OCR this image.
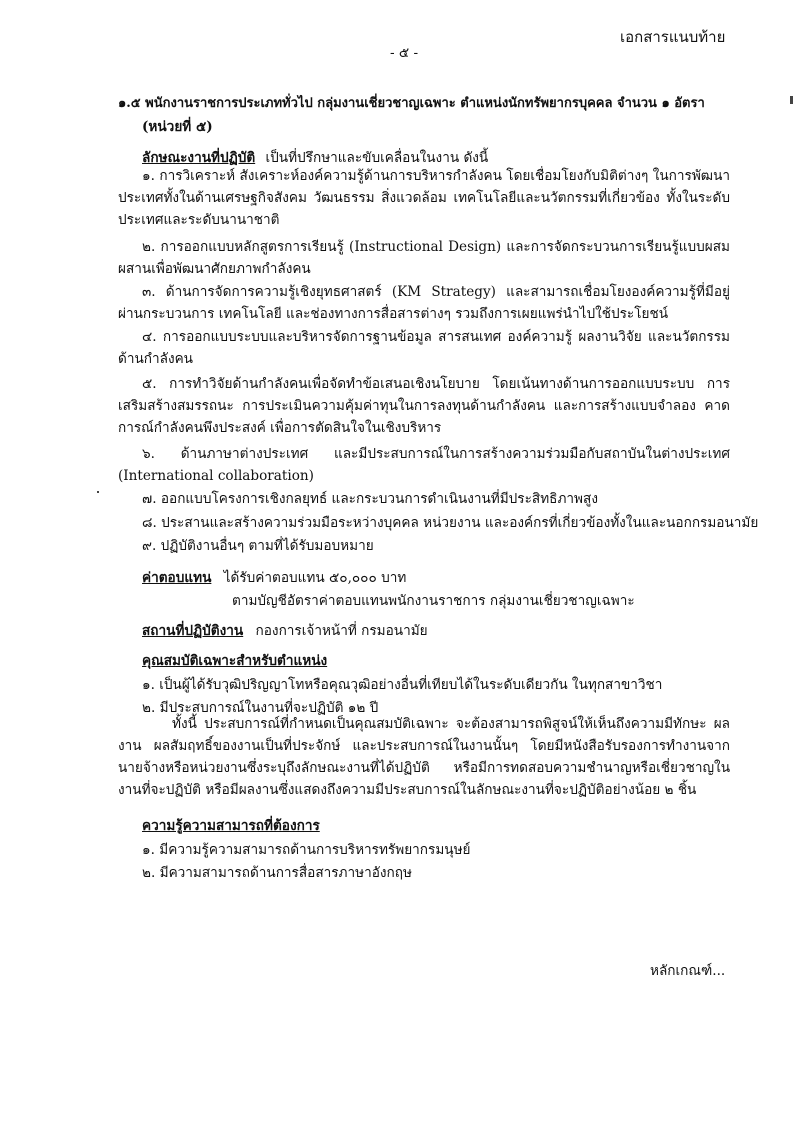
เอกสารแนบท้าย
- ๕ -
๑.๕ พนักงานราชการประเภททั่วไป กลุ่มงานเชี่ยวชาญเฉพาะ ตำแหน่งนักทรัพยากรบุคคล จำนวน ๑ อัตรา
(หน่วยที่ ๕)
ลักษณะงานที่ปฏิบัติ เป็นที่ปรึกษาและขับเคลื่อนในงาน ดังนี้
๑. การวิเคราะห์ สังเคราะห์องค์ความรู้ด้านการบริหารกำลังคน โดยเชื่อมโยงกับมิติต่างๆ ในการพัฒนาประเทศทั้งในด้านเศรษฐกิจสังคม วัฒนธรรม สิ่งแวดล้อม เทคโนโลยีและนวัตกรรมที่เกี่ยวข้อง ทั้งในระดับประเทศและระดับนานาชาติ
๒. การออกแบบหลักสูตรการเรียนรู้ (Instructional Design) และการจัดกระบวนการเรียนรู้แบบผสมผสานเพื่อพัฒนาศักยภาพกำลังคน
๓. ด้านการจัดการความรู้เชิงยุทธศาสตร์ (KM Strategy) และสามารถเชื่อมโยงองค์ความรู้ที่มีอยู่ผ่านกระบวนการ เทคโนโลยี และช่องทางการสื่อสารต่างๆ รวมถึงการเผยแพร่นำไปใช้ประโยชน์
๔. การออกแบบระบบและบริหารจัดการฐานข้อมูล สารสนเทศ องค์ความรู้ ผลงานวิจัย และนวัตกรรมด้านกำลังคน
๕. การทำวิจัยด้านกำลังคนเพื่อจัดทำข้อเสนอเชิงนโยบาย โดยเน้นทางด้านการออกแบบระบบ การเสริมสร้างสมรรถนะ การประเมินความคุ้มค่าทุนในการลงทุนด้านกำลังคน และการสร้างแบบจำลอง คาดการณ์กำลังคนพึงประสงค์ เพื่อการตัดสินใจในเชิงบริหาร
๖. ด้านภาษาต่างประเทศ และมีประสบการณ์ในการสร้างความร่วมมือกับสถาบันในต่างประเทศ (International collaboration)
๗. ออกแบบโครงการเชิงกลยุทธ์ และกระบวนการดำเนินงานที่มีประสิทธิภาพสูง
๘. ประสานและสร้างความร่วมมือระหว่างบุคคล หน่วยงาน และองค์กรที่เกี่ยวข้องทั้งในและนอกกรมอนามัย
๙. ปฏิบัติงานอื่นๆ ตามที่ได้รับมอบหมาย
ค่าตอบแทน ได้รับค่าตอบแทน ๕๐,๐๐๐ บาท
ตามบัญชีอัตราค่าตอบแทนพนักงานราชการ กลุ่มงานเชี่ยวชาญเฉพาะ
สถานที่ปฏิบัติงาน กองการเจ้าหน้าที่ กรมอนามัย
คุณสมบัติเฉพาะสำหรับตำแหน่ง
๑. เป็นผู้ได้รับวุฒิปริญญาโทหรือคุณวุฒิอย่างอื่นที่เทียบได้ในระดับเดียวกัน ในทุกสาขาวิชา
๒. มีประสบการณ์ในงานที่จะปฏิบัติ ๑๒ ปี
ทั้งนี้ ประสบการณ์ที่กำหนดเป็นคุณสมบัติเฉพาะ จะต้องสามารถพิสูจน์ให้เห็นถึงความมีทักษะ ผลงาน ผลสัมฤทธิ์ของงานเป็นที่ประจักษ์ และประสบการณ์ในงานนั้นๆ โดยมีหนังสือรับรองการทำงานจากนายจ้างหรือหน่วยงานซึ่งระบุถึงลักษณะงานที่ได้ปฏิบัติ หรือมีการทดสอบความชำนาญหรือเชี่ยวชาญในงานที่จะปฏิบัติ หรือมีผลงานซึ่งแสดงถึงความมีประสบการณ์ในลักษณะงานที่จะปฏิบัติอย่างน้อย ๒ ชิ้น
ความรู้ความสามารถที่ต้องการ
๑. มีความรู้ความสามารถด้านการบริหารทรัพยากรมนุษย์
๒. มีความสามารถด้านการสื่อสารภาษาอังกฤษ
หลักเกณฑ์...
